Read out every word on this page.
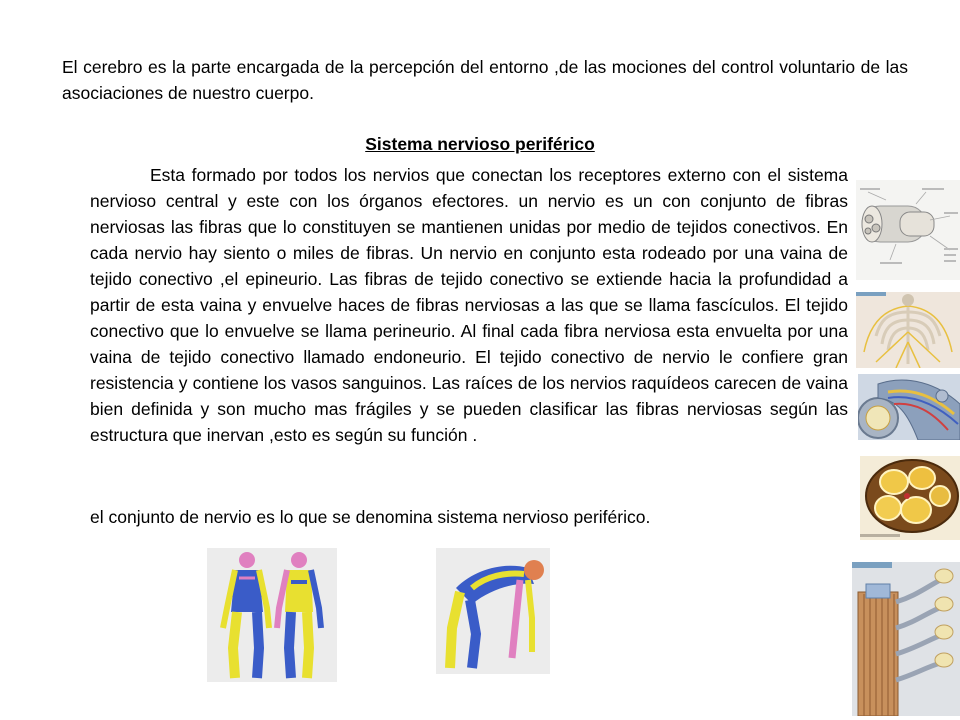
El cerebro es la parte encargada de la percepción del entorno ,de las mociones del control voluntario de las asociaciones de nuestro cuerpo.

Sistema nervioso periférico

Esta formado por todos los nervios que conectan los receptores externo con el sistema nervioso central y este con los órganos efectores. un nervio es un con conjunto de fibras nerviosas las fibras que lo constituyen se mantienen unidas por medio de tejidos conectivos. En cada nervio hay siento o miles de fibras. Un nervio en conjunto esta rodeado por una vaina de tejido conectivo ,el epineurio. Las fibras de tejido conectivo se extiende hacia la profundidad a partir de esta vaina y envuelve haces de fibras nerviosas a las que se llama fascículos. El tejido conectivo que lo envuelve se llama perineurio. Al final cada fibra nerviosa esta envuelta por una vaina de tejido conectivo llamado endoneurio. El tejido conectivo de nervio le confiere gran resistencia y contiene los vasos sanguinos. Las raíces de los nervios raquídeos carecen de vaina bien definida y son mucho mas frágiles y se pueden clasificar las fibras nerviosas según las estructura que inervan ,esto es según su función .

el conjunto de nervio es lo que se denomina sistema nervioso periférico.
